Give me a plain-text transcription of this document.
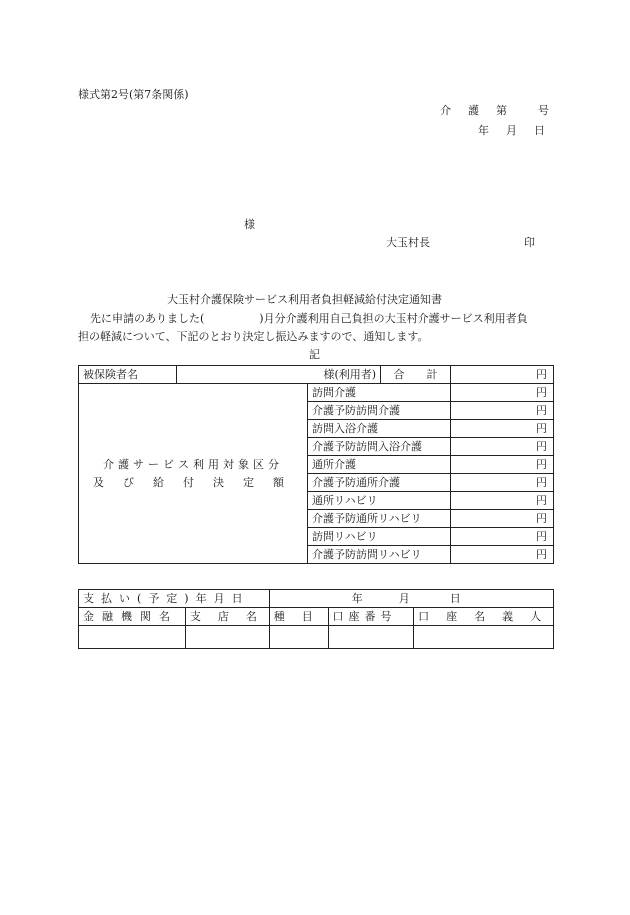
様式第2号(第7条関係)
介　護　第　　号
年　月　日
様
大玉村長	印
大玉村介護保険サービス利用者負担軽減給付決定通知書
先に申請のありました(　　　　　)月分介護利用自己負担の大玉村介護サービス利用者負
担の軽減について、下記のとおり決定し振込みますので、通知します。
記
被保険者名	様(利用者)		合　　計	円

介護サービス利用対象区分
及び給付決定額		訪問介護		円
		介護予防訪問介護		円
		訪問入浴介護		円
		介護予防訪問入浴介護		円
		通所介護		円
		介護予防通所介護		円
		通所リハビリ		円
		介護予防通所リハビリ		円
		訪問リハビリ		円
		介護予防訪問リハビリ		円
支払い(予定)年月日		年 月 日		
金融機関名	支　店　名	種　目	口座番号	口　座　名　義　人
